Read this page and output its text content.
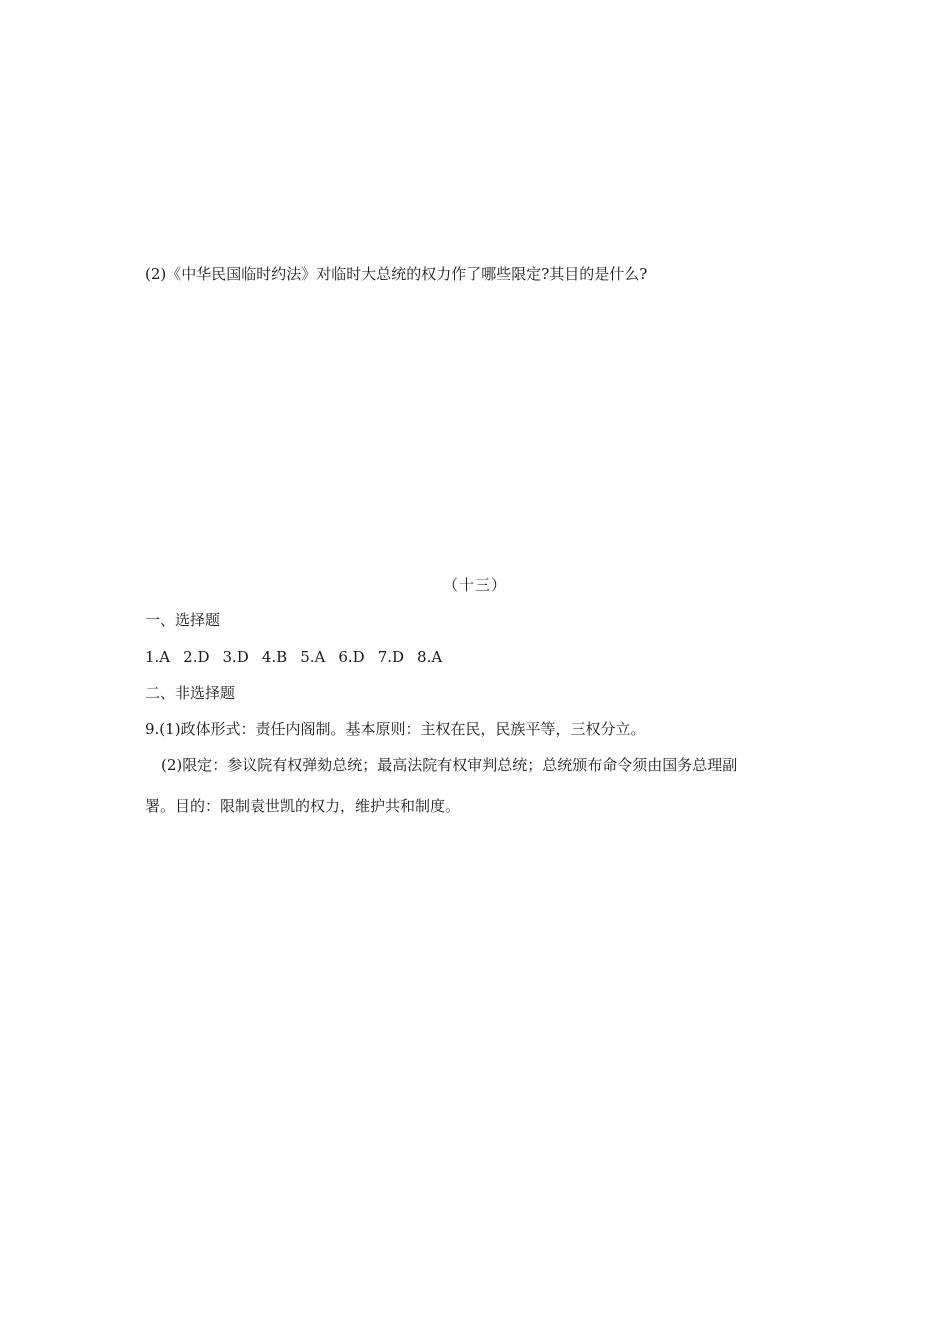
(2)《中华民国临时约法》对临时大总统的权力作了哪些限定?其目的是什么?
（十三）
一、选择题
1.A 2.D 3.D 4.B 5.A 6.D 7.D 8.A
二、非选择题
9.(1)政体形式：责任内阁制。基本原则：主权在民，民族平等，三权分立。
(2)限定：参议院有权弹劾总统；最高法院有权审判总统；总统颁布命令须由国务总理副
署。目的：限制袁世凯的权力，维护共和制度。
